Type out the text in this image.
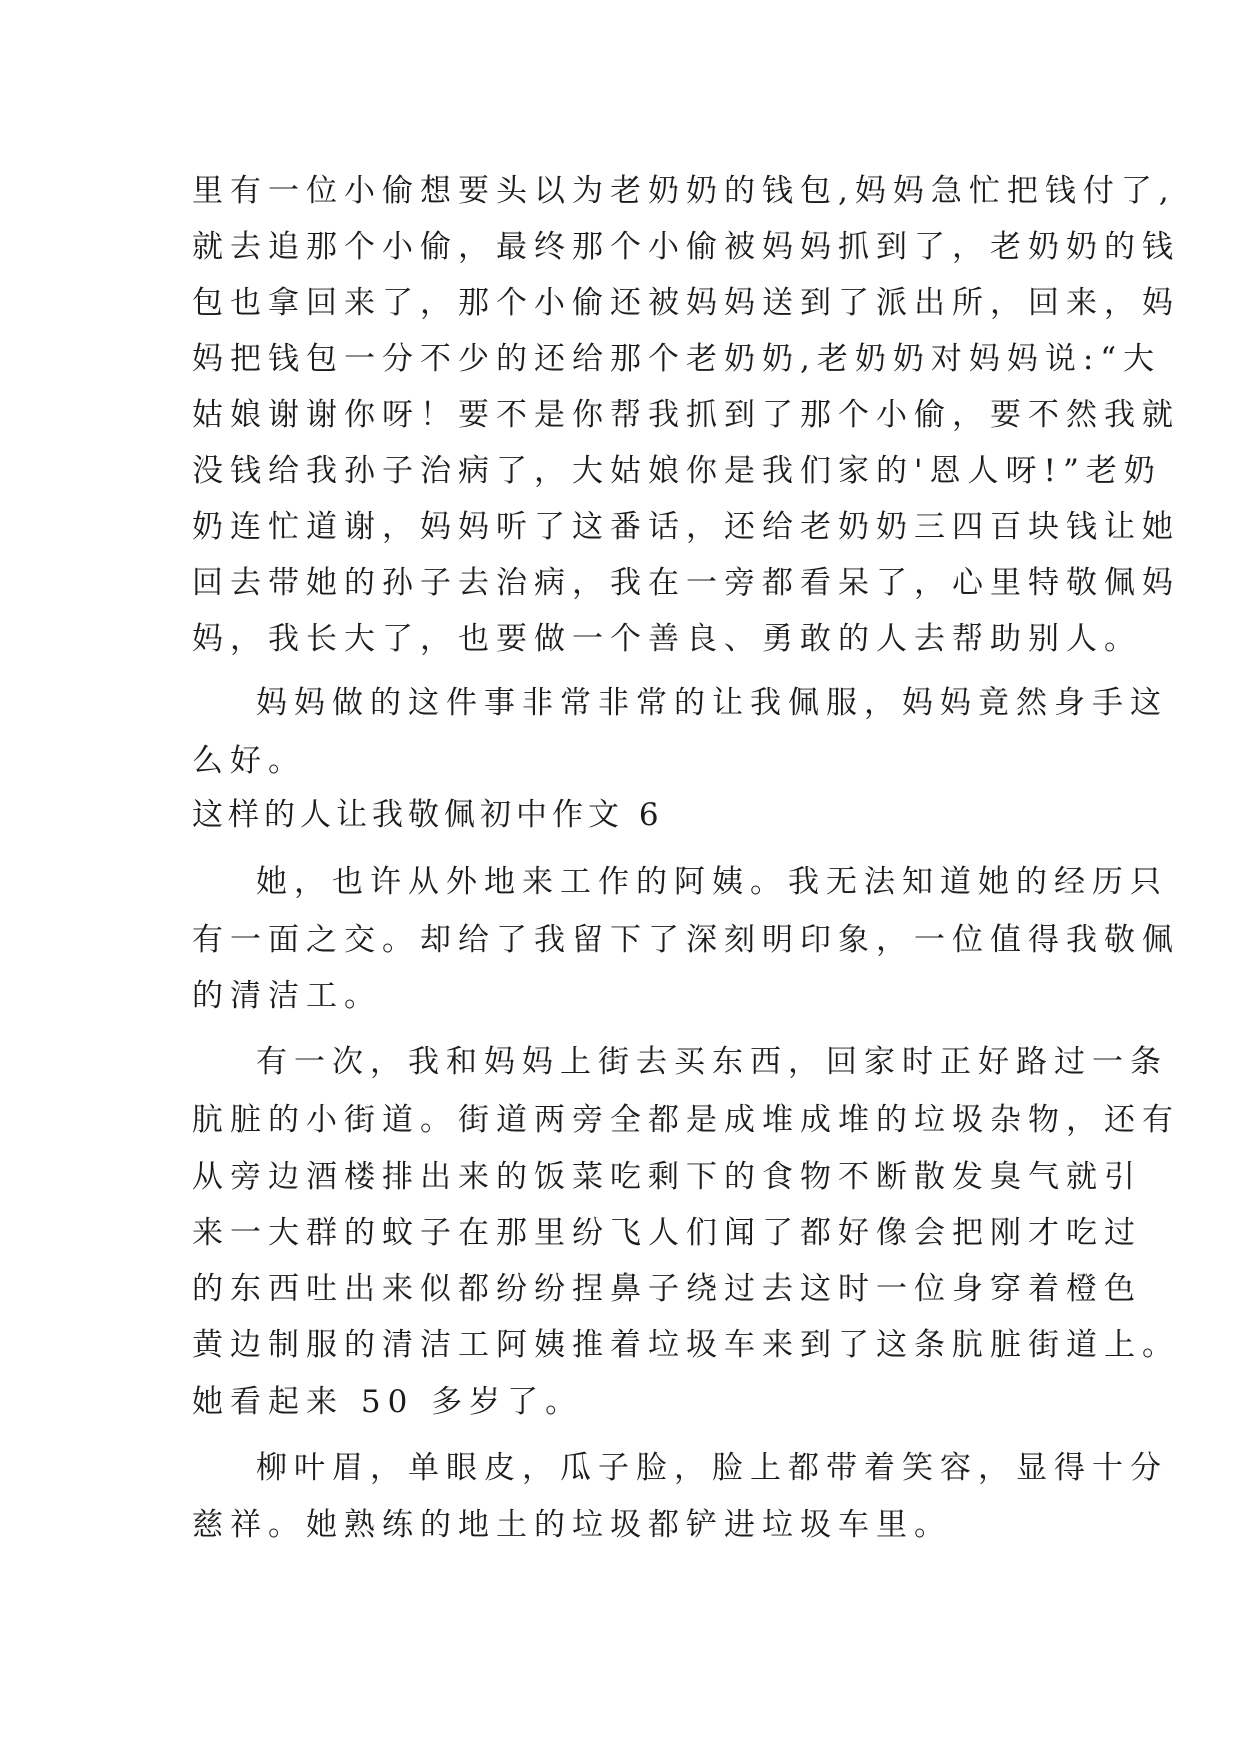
里有一位小偷想要头以为老奶奶的钱包,妈妈急忙把钱付了,
就去追那个小偷，最终那个小偷被妈妈抓到了，老奶奶的钱
包也拿回来了，那个小偷还被妈妈送到了派出所，回来，妈
妈把钱包一分不少的还给那个老奶奶,老奶奶对妈妈说:“大
姑娘谢谢你呀！要不是你帮我抓到了那个小偷，要不然我就
没钱给我孙子治病了，大姑娘你是我们家的'恩人呀!”老奶
奶连忙道谢，妈妈听了这番话，还给老奶奶三四百块钱让她
回去带她的孙子去治病，我在一旁都看呆了，心里特敬佩妈
妈，我长大了，也要做一个善良、勇敢的人去帮助别人。
妈妈做的这件事非常非常的让我佩服，妈妈竟然身手这
么好。
这样的人让我敬佩初中作文 6
她，也许从外地来工作的阿姨。我无法知道她的经历只
有一面之交。却给了我留下了深刻明印象，一位值得我敬佩
的清洁工。
有一次，我和妈妈上街去买东西，回家时正好路过一条
肮脏的小街道。街道两旁全都是成堆成堆的垃圾杂物，还有
从旁边酒楼排出来的饭菜吃剩下的食物不断散发臭气就引
来一大群的蚊子在那里纷飞人们闻了都好像会把刚才吃过
的东西吐出来似都纷纷捏鼻子绕过去这时一位身穿着橙色
黄边制服的清洁工阿姨推着垃圾车来到了这条肮脏街道上。
她看起来 50 多岁了。
柳叶眉，单眼皮，瓜子脸，脸上都带着笑容，显得十分
慈祥。她熟练的地土的垃圾都铲进垃圾车里。
